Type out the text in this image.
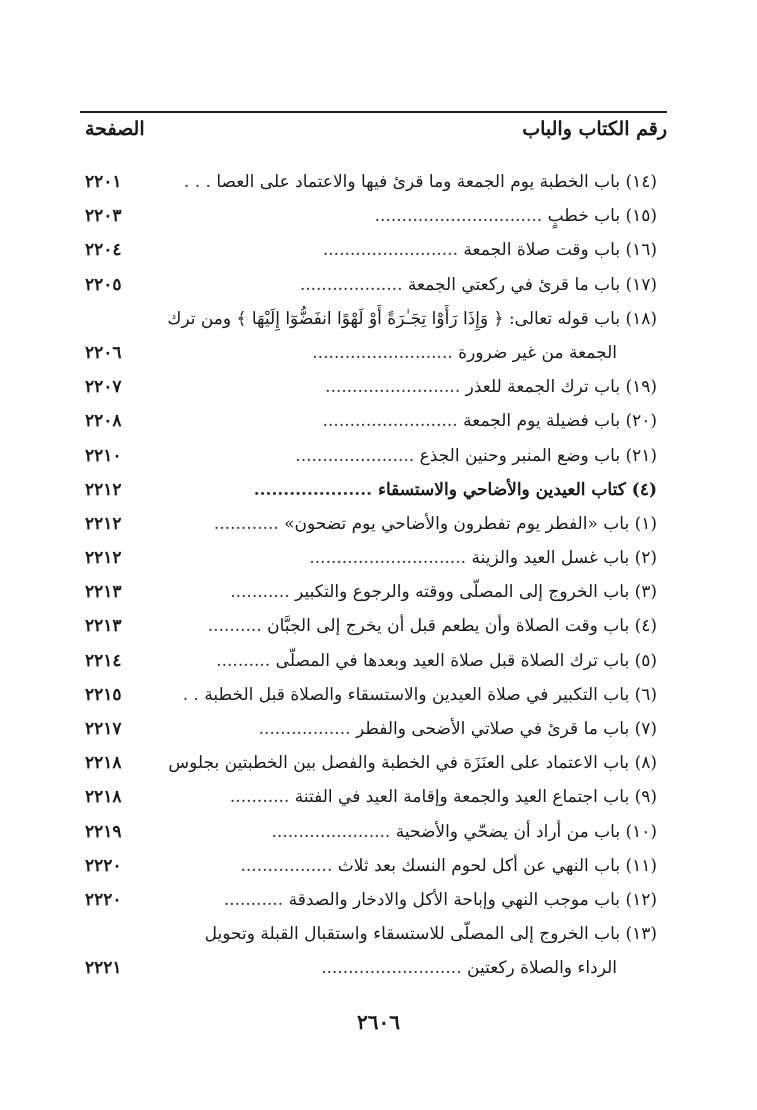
رقم الكتاب والباب
الصفحة
(١٤) باب الخطبة يوم الجمعة وما قرئ فيها والاعتماد على العصا . . .
٢٢٠١
(١٥) باب خطبٍ ...............................
٢٢٠٣
(١٦) باب وقت صلاة الجمعة .........................
٢٢٠٤
(١٧) باب ما قرئ في ركعتي الجمعة ...................
٢٢٠٥
(١٨) باب قوله تعالى: ﴿ وَإِذَا رَأَوْا تِجَـٰرَةً أَوْ لَهْوًا انفَضُّوٓا إِلَيْهَا ﴾ ومن ترك
الجمعة من غير ضرورة ..........................
٢٢٠٦
(١٩) باب ترك الجمعة للعذر .........................
٢٢٠٧
(٢٠) باب فضيلة يوم الجمعة .........................
٢٢٠٨
(٢١) باب وضع المنبر وحنين الجذع ......................
٢٢١٠
(٤) كتاب العيدين والأضاحي والاستسقاء ....................
٢٢١٢
(١) باب «الفطر يوم تفطرون والأضاحي يوم تضحون» ............
٢٢١٢
(٢) باب غسل العيد والزينة .............................
٢٢١٢
(٣) باب الخروج إلى المصلّى ووقته والرجوع والتكبير ...........
٢٢١٣
(٤) باب وقت الصلاة وأن يطعم قبل أن يخرج إلى الجبَّان ..........
٢٢١٣
(٥) باب ترك الصلاة قبل صلاة العيد وبعدها في المصلّى ..........
٢٢١٤
(٦) باب التكبير في صلاة العيدين والاستسقاء والصلاة قبل الخطبة . .
٢٢١٥
(٧) باب ما قرئ في صلاتي الأضحى والفطر .................
٢٢١٧
(٨) باب الاعتماد على العنَزَة في الخطبة والفصل بين الخطبتين بجلوس
٢٢١٨
(٩) باب اجتماع العيد والجمعة وإقامة العيد في الفتنة ...........
٢٢١٨
(١٠) باب من أراد أن يضحّي والأضحية ......................
٢٢١٩
(١١) باب النهي عن أكل لحوم النسك بعد ثلاث .................
٢٢٢٠
(١٢) باب موجب النهي وإباحة الأكل والادخار والصدقة ...........
٢٢٢٠
(١٣) باب الخروج إلى المصلّى للاستسقاء واستقبال القبلة وتحويل
الرداء والصلاة ركعتين ..........................
٢٢٢١
٢٦٠٦
